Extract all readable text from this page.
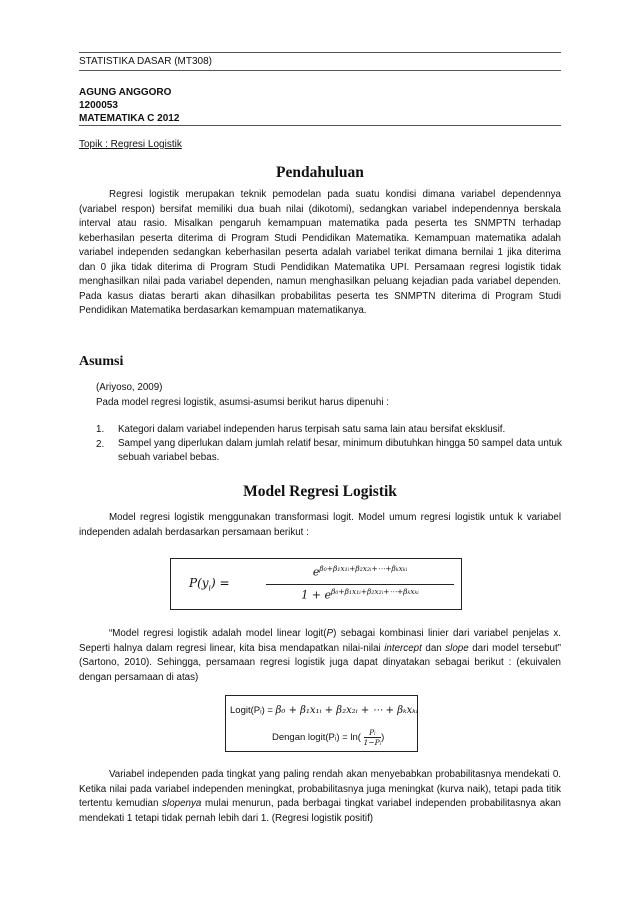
STATISTIKA DASAR (MT308)
AGUNG ANGGORO
1200053
MATEMATIKA C 2012
Topik : Regresi Logistik
Pendahuluan

Regresi logistik merupakan teknik pemodelan pada suatu kondisi dimana variabel dependennya (variabel respon) bersifat memiliki dua buah nilai (dikotomi), sedangkan variabel independennya berskala interval atau rasio. Misalkan pengaruh kemampuan matematika pada peserta tes SNMPTN terhadap keberhasilan peserta diterima di Program Studi Pendidikan Matematika. Kemampuan matematika adalah variabel independen sedangkan keberhasilan peserta adalah variabel terikat dimana bernilai 1 jika diterima dan 0 jika tidak diterima di Program Studi Pendidikan Matematika UPI. Persamaan regresi logistik tidak menghasilkan nilai pada variabel dependen, namun menghasilkan peluang kejadian pada variabel dependen. Pada kasus diatas berarti akan dihasilkan probabilitas peserta tes SNMPTN diterima di Program Studi Pendidikan Matematika berdasarkan kemampuan matematikanya.

Asumsi
(Ariyoso, 2009)
Pada model regresi logistik, asumsi-asumsi berikut harus dipenuhi :
1. Kategori dalam variabel independen harus terpisah satu sama lain atau bersifat eksklusif.
2. Sampel yang diperlukan dalam jumlah relatif besar, minimum dibutuhkan hingga 50 sampel data untuk sebuah variabel bebas.
Model Regresi Logistik

Model regresi logistik menggunakan transformasi logit. Model umum regresi logistik untuk k variabel independen adalah berdasarkan persamaan berikut :

$P(y_i)$ =
$e^{\beta_0+\beta_1x_1ᵢ+\beta_2x_2ᵢ+\cdots+\beta_kx_kᵢ}$
$1 + e^{\beta_0+\beta_1x_1ᵢ+\beta_2x_2ᵢ+\cdots+\beta_kx_kᵢ}$

“Model regresi logistik adalah model linear logit(P) sebagai kombinasi linier dari variabel penjelas x. Seperti halnya dalam regresi linear, kita bisa mendapatkan nilai-nilai intercept dan slope dari model tersebut” (Sartono, 2010). Sehingga, persamaan regresi logistik juga dapat dinyatakan sebagai berikut : (ekuivalen dengan persamaan di atas)

Logit(Pᵢ) = β₀ + β₁x₁ᵢ + β₂x₂ᵢ + ⋯ + βₖxₖᵢ
Dengan logit(Pᵢ) = $\ln( \frac{\text{Pᵢ}}{\text{1−Pᵢ}}$ )

Variabel independen pada tingkat yang paling rendah akan menyebabkan probabilitasnya mendekati 0. Ketika nilai pada variabel independen meningkat, probabilitasnya juga meningkat (kurva naik), tetapi pada titik tertentu kemudian slopenya mulai menurun, pada berbagai tingkat variabel independen probabilitasnya akan mendekati 1 tetapi tidak pernah lebih dari 1. (Regresi logistik positif)
